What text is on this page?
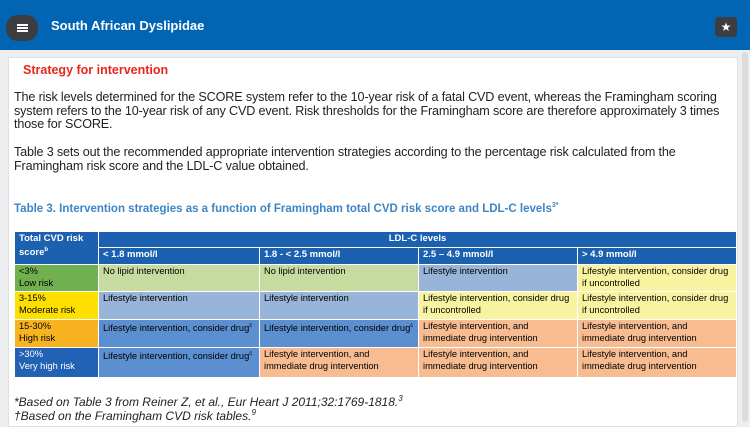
South African Dyslipidae	★
Strategy for intervention
The risk levels determined for the SCORE system refer to the 10-year risk of a fatal CVD event, whereas the Framingham scoring system refers to the 10-year risk of any CVD event. Risk thresholds for the Framingham score are therefore approximately 3 times those for SCORE.
Table 3 sets out the recommended appropriate intervention strategies according to the percentage risk calculated from the Framingham risk score and the LDL-C value obtained.
Table 3. Intervention strategies as a function of Framingham total CVD risk score and LDL-C levels$^{3*}$
Total CVD risk score$^b$	LDL-C levels			
	< 1.8 mmol/l	1.8 - < 2.5 mmol/l	2.5 – 4.9 mmol/l	> 4.9 mmol/l

<3%
Low risk	No lipid intervention	No lipid intervention	Lifestyle intervention	Lifestyle intervention, consider drug if uncontrolled

3-15%
Moderate risk	Lifestyle intervention	Lifestyle intervention	Lifestyle intervention, consider drug if uncontrolled	Lifestyle intervention, consider drug if uncontrolled

15-30%
High risk	Lifestyle intervention, consider drug$^c$	Lifestyle intervention, consider drug$^c$	Lifestyle intervention, and immediate drug intervention	Lifestyle intervention, and immediate drug intervention

>30%
Very high risk	Lifestyle intervention, consider drug$^c$	Lifestyle intervention, and immediate drug intervention	Lifestyle intervention, and immediate drug intervention	Lifestyle intervention, and immediate drug intervention
*Based on Table 3 from Reiner Z, et al., Eur Heart J 2011;32:1769-1818.$^3$
†Based on the Framingham CVD risk tables.$^9$
